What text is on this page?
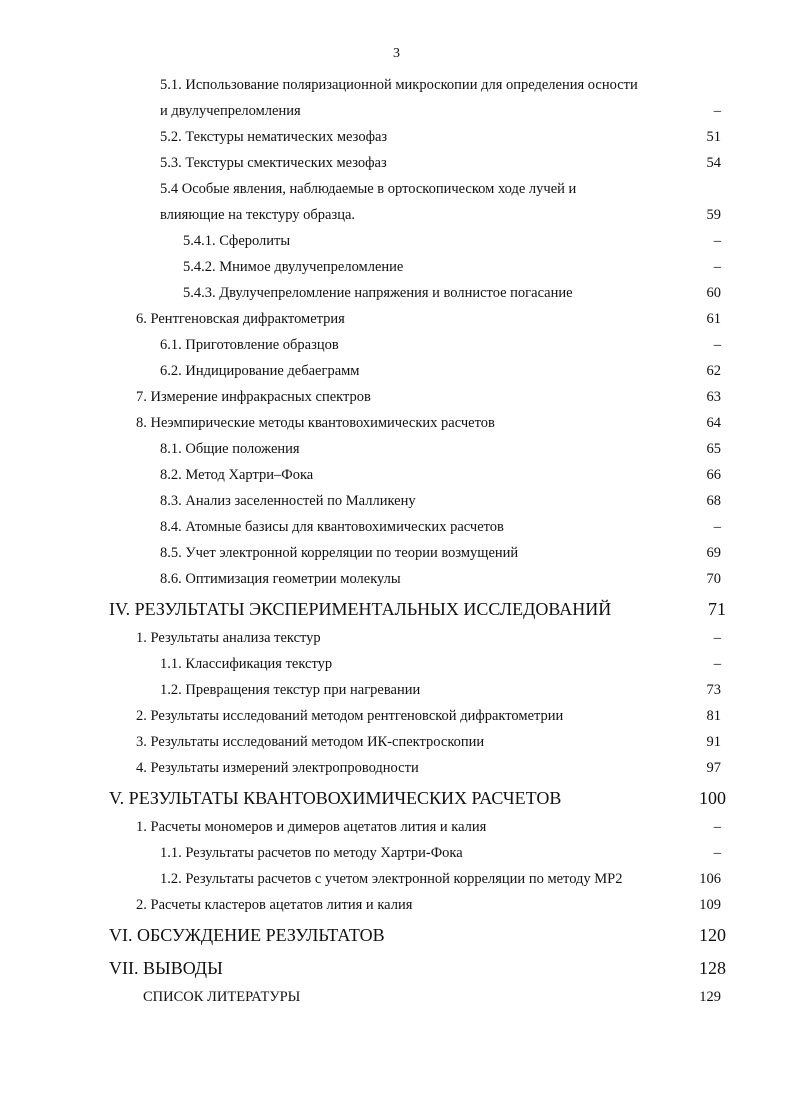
3
5.1. Использование поляризационной микроскопии для определения осности
и двулучепреломления	–
5.2. Текстуры нематических мезофаз	51
5.3. Текстуры смектических мезофаз	54
5.4 Особые явления, наблюдаемые в ортоскопическом ходе лучей и
влияющие на текстуру образца.	59
5.4.1. Сферолиты	–
5.4.2. Мнимое двулучепреломление	–
5.4.3. Двулучепреломление напряжения и волнистое погасание	60
6. Рентгеновская дифрактометрия	61
6.1. Приготовление образцов	–
6.2. Индицирование дебаеграмм	62
7. Измерение инфракрасных спектров	63
8. Неэмпирические методы квантовохимических расчетов	64
8.1. Общие положения	65
8.2. Метод Хартри–Фока	66
8.3. Анализ заселенностей по Малликену	68
8.4. Атомные базисы для квантовохимических расчетов	–
8.5. Учет электронной корреляции по теории возмущений	69
8.6. Оптимизация геометрии молекулы	70
IV. РЕЗУЛЬТАТЫ ЭКСПЕРИМЕНТАЛЬНЫХ ИССЛЕДОВАНИЙ	71
1. Результаты анализа текстур	–
1.1. Классификация текстур	–
1.2. Превращения текстур при нагревании	73
2. Результаты исследований методом рентгеновской дифрактометрии	81
3. Результаты исследований методом ИК-спектроскопии	91
4. Результаты измерений электропроводности	97
V. РЕЗУЛЬТАТЫ КВАНТОВОХИМИЧЕСКИХ РАСЧЕТОВ	100
1. Расчеты мономеров и димеров ацетатов лития и калия	–
1.1. Результаты расчетов по методу Хартри-Фока	–
1.2. Результаты расчетов с учетом электронной корреляции по методу МР2	106
2. Расчеты кластеров ацетатов лития и калия	109
VI. ОБСУЖДЕНИЕ РЕЗУЛЬТАТОВ	120
VII. ВЫВОДЫ	128
СПИСОК ЛИТЕРАТУРЫ	129
